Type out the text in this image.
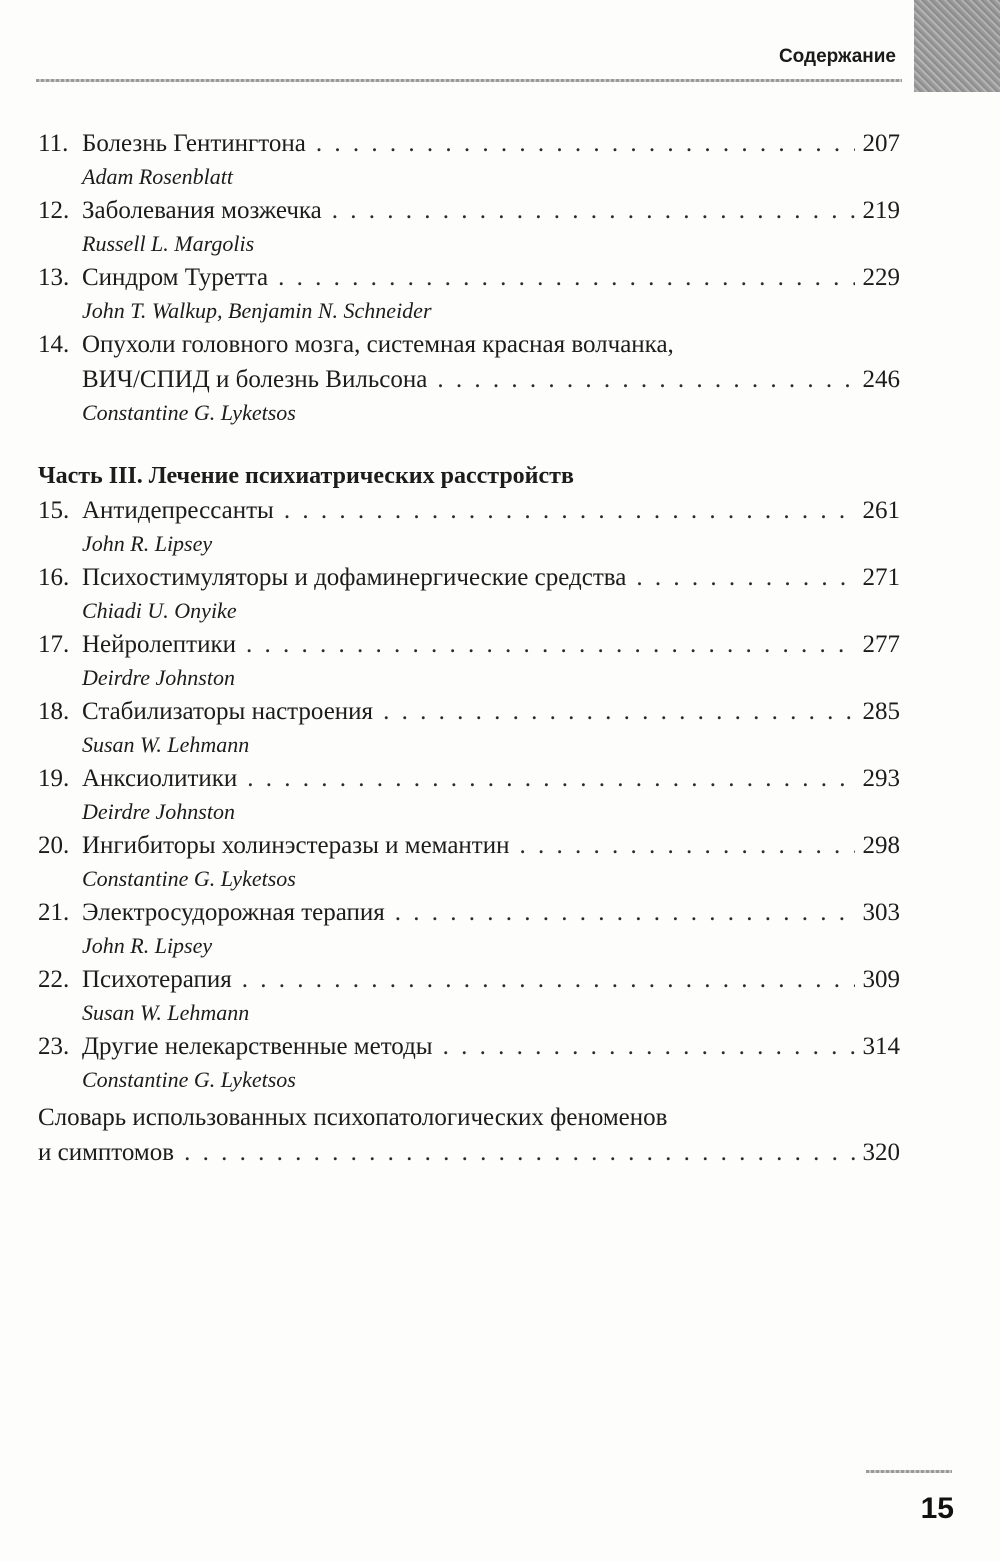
Содержание
11. Болезнь Гентингтона . . .	207
Adam Rosenblatt
12. Заболевания мозжечка . . .	219
Russell L. Margolis
13. Синдром Туретта . . .	229
John T. Walkup, Benjamin N. Schneider
14. Опухоли головного мозга, системная красная волчанка,
ВИЧ/СПИД и болезнь Вильсона . . .	246
Constantine G. Lyketsos
Часть III. Лечение психиатрических расстройств
15. Антидепрессанты . . .	261
John R. Lipsey
16. Психостимуляторы и дофаминергические средства . . .	271
Chiadi U. Onyike
17. Нейролептики . . .	277
Deirdre Johnston
18. Стабилизаторы настроения . . .	285
Susan W. Lehmann
19. Анксиолитики . . .	293
Deirdre Johnston
20. Ингибиторы холинэстеразы и мемантин . . .	298
Constantine G. Lyketsos
21. Электросудорожная терапия . . .	303
John R. Lipsey
22. Психотерапия . . .	309
Susan W. Lehmann
23. Другие нелекарственные методы . . .	314
Constantine G. Lyketsos
Словарь использованных психопатологических феноменов
и симптомов . . .	320
15
